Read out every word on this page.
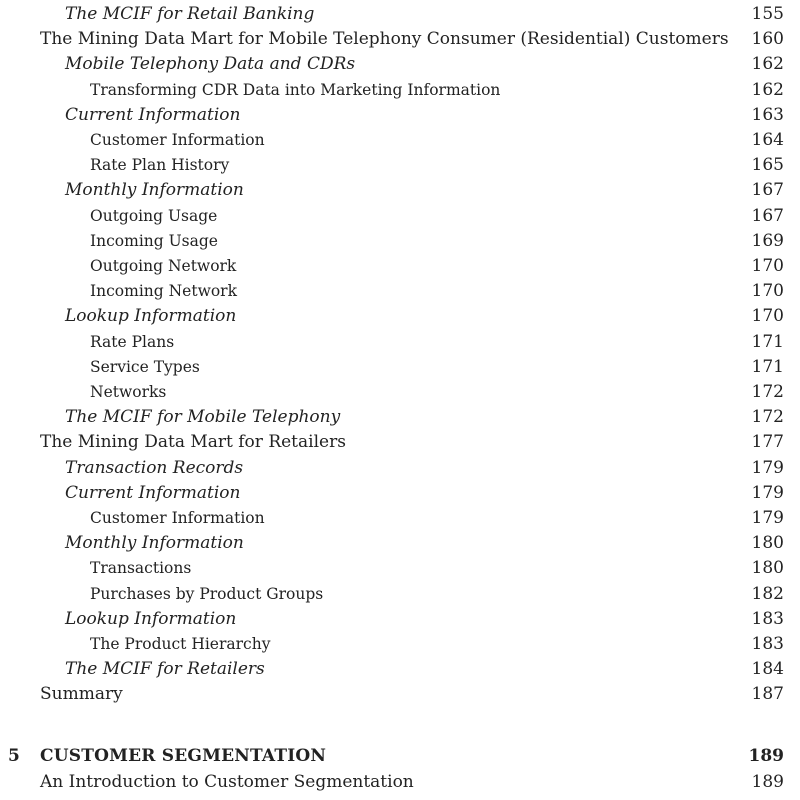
The MCIF for Retail Banking	155
The Mining Data Mart for Mobile Telephony Consumer (Residential) Customers 160
Mobile Telephony Data and CDRs	162
Transforming CDR Data into Marketing Information	162
Current Information	163
Customer Information	164
Rate Plan History	165
Monthly Information	167
Outgoing Usage	167
Incoming Usage	169
Outgoing Network	170
Incoming Network	170
Lookup Information	170
Rate Plans	171
Service Types	171
Networks	172
The MCIF for Mobile Telephony	172
The Mining Data Mart for Retailers	177
Transaction Records	179
Current Information	179
Customer Information	179
Monthly Information	180
Transactions	180
Purchases by Product Groups	182
Lookup Information	183
The Product Hierarchy	183
The MCIF for Retailers	184
Summary	187
5 CUSTOMER SEGMENTATION	189
An Introduction to Customer Segmentation	189
